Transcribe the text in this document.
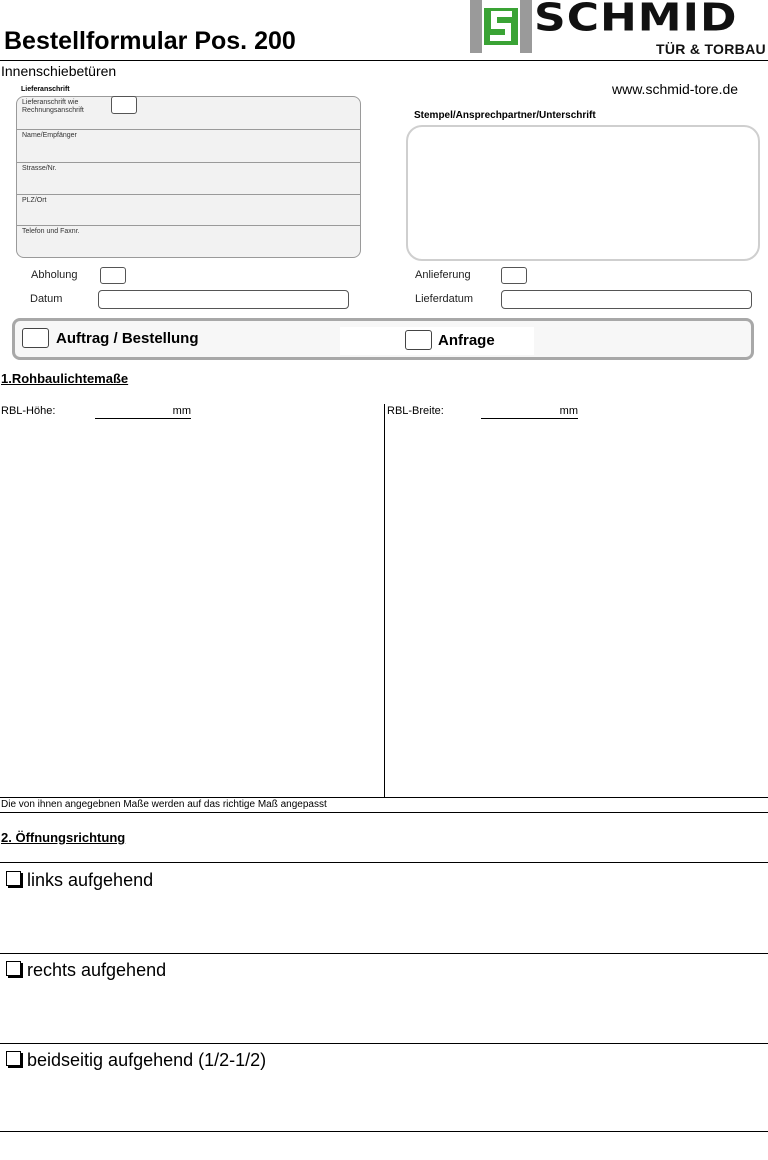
Bestellformular Pos. 200
SCHMID
TÜR & TORBAU
Innenschiebetüren
www.schmid-tore.de
Lieferanschrift
Lieferanschrift wie Rechnungsanschrift
Name/Empfänger
Strasse/Nr.
PLZ/Ort
Telefon und Faxnr.
Stempel/Ansprechpartner/Unterschrift
Abholung
Datum
Anlieferung
Lieferdatum
Auftrag / Bestellung	Anfrage
1.Rohbaulichtemaße
RBL-Höhe:	mm	RBL-Breite:	mm
Die von ihnen angegebnen Maße werden auf das richtige Maß angepasst
2. Öffnungsrichtung
links aufgehend
rechts aufgehend
beidseitig aufgehend (1/2-1/2)
